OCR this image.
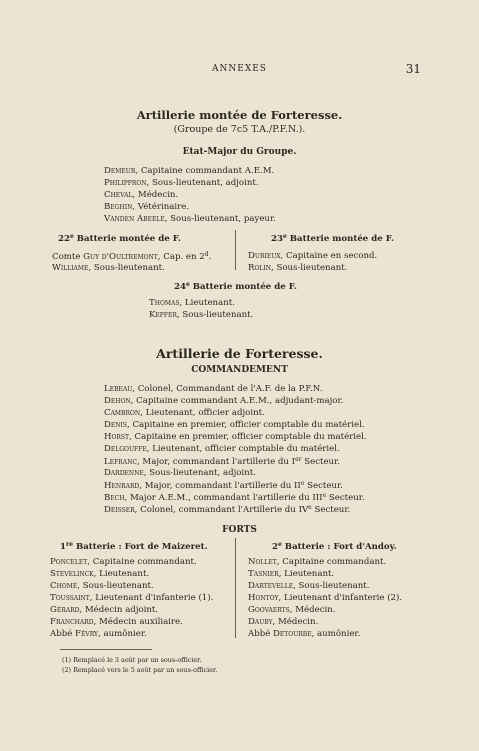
ANNEXES	31
Artillerie montée de Forteresse.
(Groupe de 7c5 T.A./P.F.N.).
Etat-Major du Groupe.
Demeur, Capitaine commandant A.E.M.
Philippron, Sous-lieutenant, adjoint.
Cheval, Médecin.
Beghin, Vétérinaire.
Vanden Abeele, Sous-lieutenant, payeur.
22e Batterie montée de F.
Comte Guy d'Oultremont, Cap. en 2$^d$.
Williame, Sous-lieutenant.
23e Batterie montée de F.
Durieux, Capitaine en second.
Rolin, Sous-lieutenant.
24e Batterie montée de F.
Thomas, Lieutenant.
Kepfer, Sous-lieutenant.
Artillerie de Forteresse.
COMMANDEMENT
Lebeau, Colonel, Commandant de l'A.F. de la P.F.N.
Dehon, Capitaine commandant A.E.M., adjudant-major.
Cambron, Lieutenant, officier adjoint.
Denis, Capitaine en premier, officier comptable du matériel.
Horst, Capitaine en premier, officier comptable du matériel.
Delgouffe, Lieutenant, officier comptable du matériel.
Lefranc, Major, commandant l'artillerie du Ier Secteur.
Dardenne, Sous-lieutenant, adjoint.
Henrard, Major, commandant l'artillerie du IIe Secteur.
Bech, Major A.E.M., commandant l'artillerie du IIIe Secteur.
Deisser, Colonel, commandant l'Artillerie du IVe Secteur.
FORTS
1re Batterie : Fort de Maizeret.
Poncelet, Capitaine commandant.
Stevelinck, Lieutenant.
Chome, Sous-lieutenant.
Toussaint, Lieutenant d'infanterie (1).
Gérard, Médecin adjoint.
Franchard, Médecin auxiliaire.
Abbé Févry, aumônier.
2e Batterie : Fort d'Andoy.
Nollet, Capitaine commandant.
Tasnier, Lieutenant.
Dartevelle, Sous-lieutenant.
Hontoy, Lieutenant d'infanterie (2).
Goovaerts, Médecin.
Dauby, Médecin.
Abbé Detourbe, aumônier.
(1) Remplacé le 3 août par un sous-officier.
(2) Remplacé vers le 5 août par un sous-officier.
